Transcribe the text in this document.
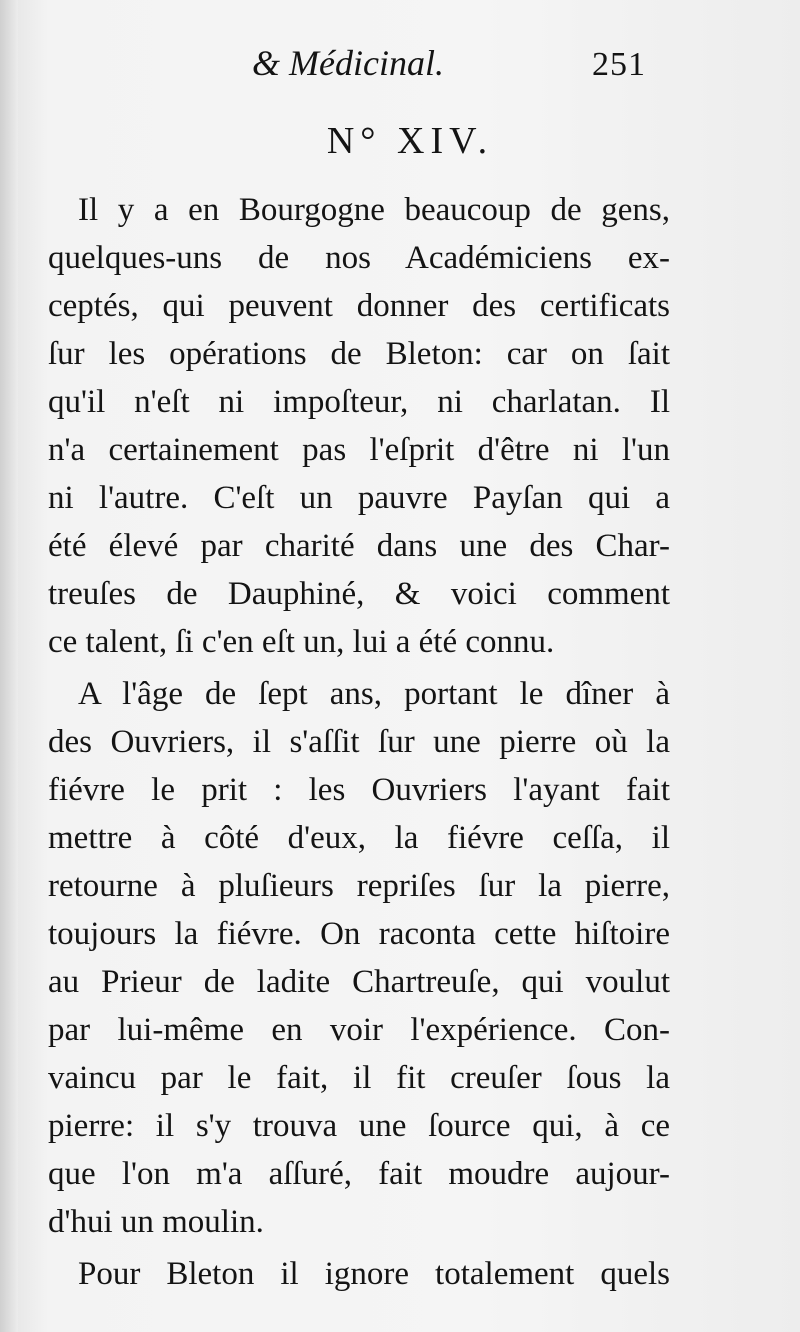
& Médicinal.	251
N° XIV.
Il y a en Bourgogne beaucoup de gens,
quelques-uns de nos Académiciens ex-
ceptés, qui peuvent donner des certificats
ſur les opérations de Bleton: car on ſait
qu'il n'eſt ni impoſteur, ni charlatan. Il
n'a certainement pas l'eſprit d'être ni l'un
ni l'autre. C'eſt un pauvre Payſan qui a
été élevé par charité dans une des Char-
treuſes de Dauphiné, & voici comment
ce talent, ſi c'en eſt un, lui a été connu.
A l'âge de ſept ans, portant le dîner à
des Ouvriers, il s'aſſit ſur une pierre où la
fiévre le prit : les Ouvriers l'ayant fait
mettre à côté d'eux, la fiévre ceſſa, il
retourne à pluſieurs repriſes ſur la pierre,
toujours la fiévre. On raconta cette hiſtoire
au Prieur de ladite Chartreuſe, qui voulut
par lui-même en voir l'expérience. Con-
vaincu par le fait, il fit creuſer ſous la
pierre: il s'y trouva une ſource qui, à ce
que l'on m'a aſſuré, fait moudre aujour-
d'hui un moulin.
Pour Bleton il ignore totalement quels
